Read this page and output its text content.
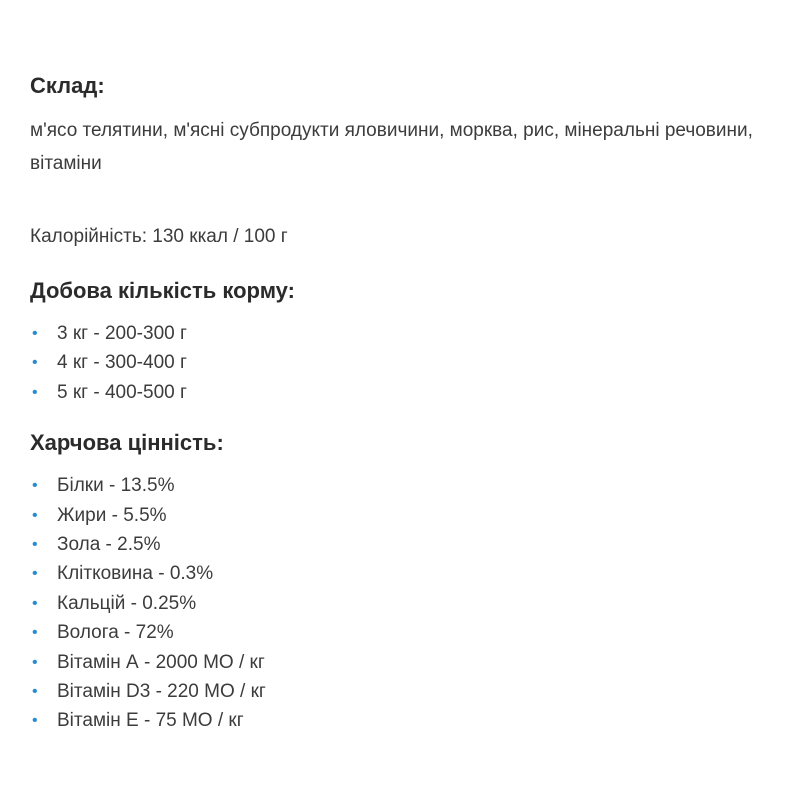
Склад:

м'ясо телятини, м'ясні субпродукти яловичини, морква, рис, мінеральні речовини, вітаміни

Калорійність: 130 ккал / 100 г

Добова кількість корму:
• 3 кг - 200-300 г
• 4 кг - 300-400 г
• 5 кг - 400-500 г
Харчова цінність:
• Білки - 13.5%
• Жири - 5.5%
• Зола - 2.5%
• Клітковина - 0.3%
• Кальцій - 0.25%
• Волога - 72%
• Вітамін А - 2000 МО / кг
• Вітамін D3 - 220 МО / кг
• Вітамін Е - 75 МО / кг
